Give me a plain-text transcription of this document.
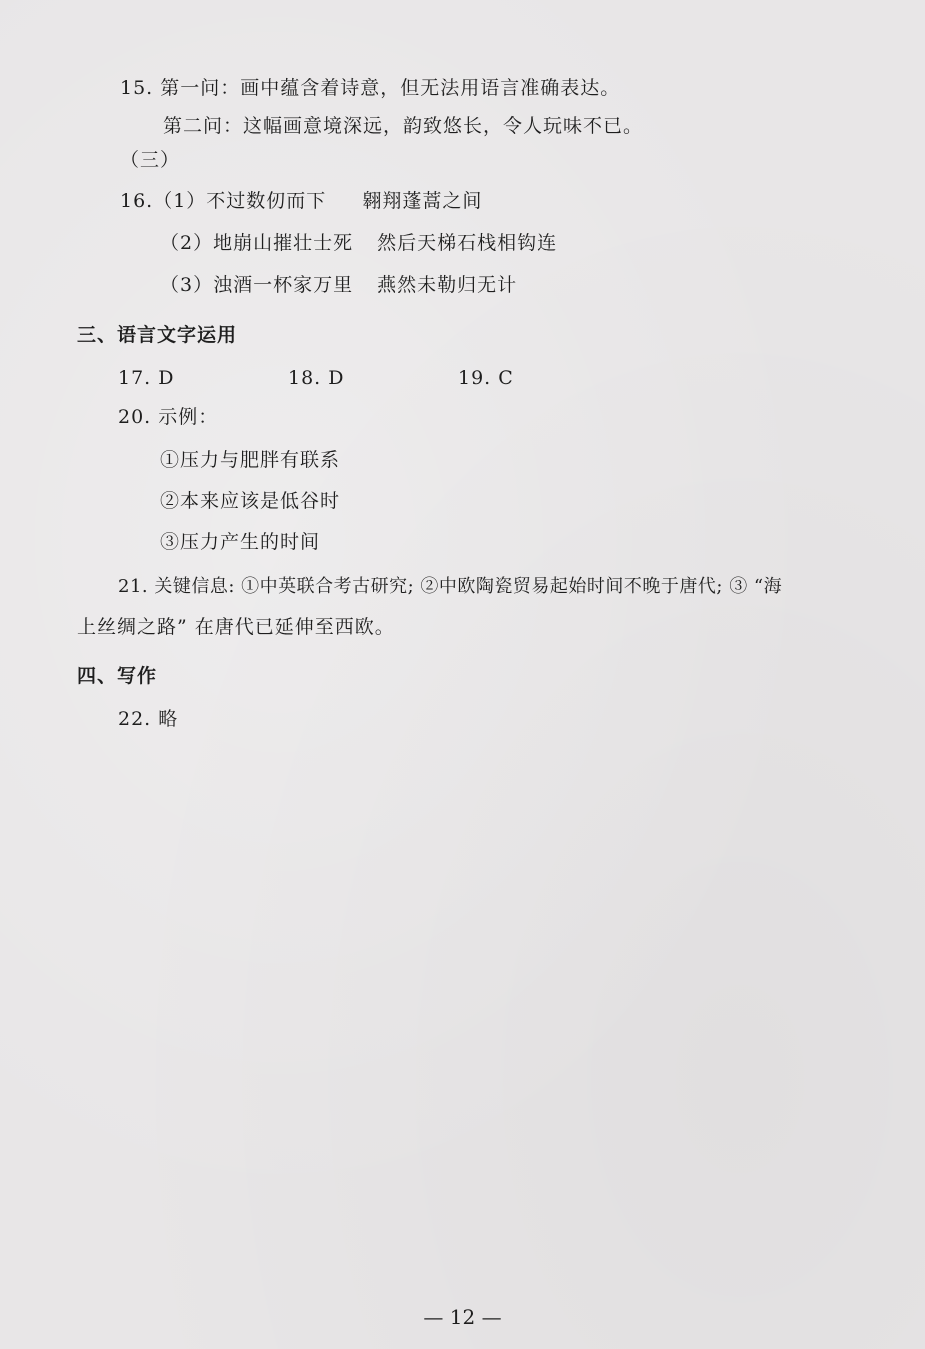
15. 第一问：画中蕴含着诗意，但无法用语言准确表达。
第二问：这幅画意境深远，韵致悠长，令人玩味不已。
（三）
16.（1）不过数仞而下 翱翔蓬蒿之间
（2）地崩山摧壮士死 然后天梯石栈相钩连
（3）浊酒一杯家万里 燕然未勒归无计
三、语言文字运用
17. D	18. D	19. C
20. 示例：
①压力与肥胖有联系
②本来应该是低谷时
③压力产生的时间
21. 关键信息: ①中英联合考古研究; ②中欧陶瓷贸易起始时间不晚于唐代; ③ “海
上丝绸之路” 在唐代已延伸至西欧。
四、写作
22. 略
— 12 —
